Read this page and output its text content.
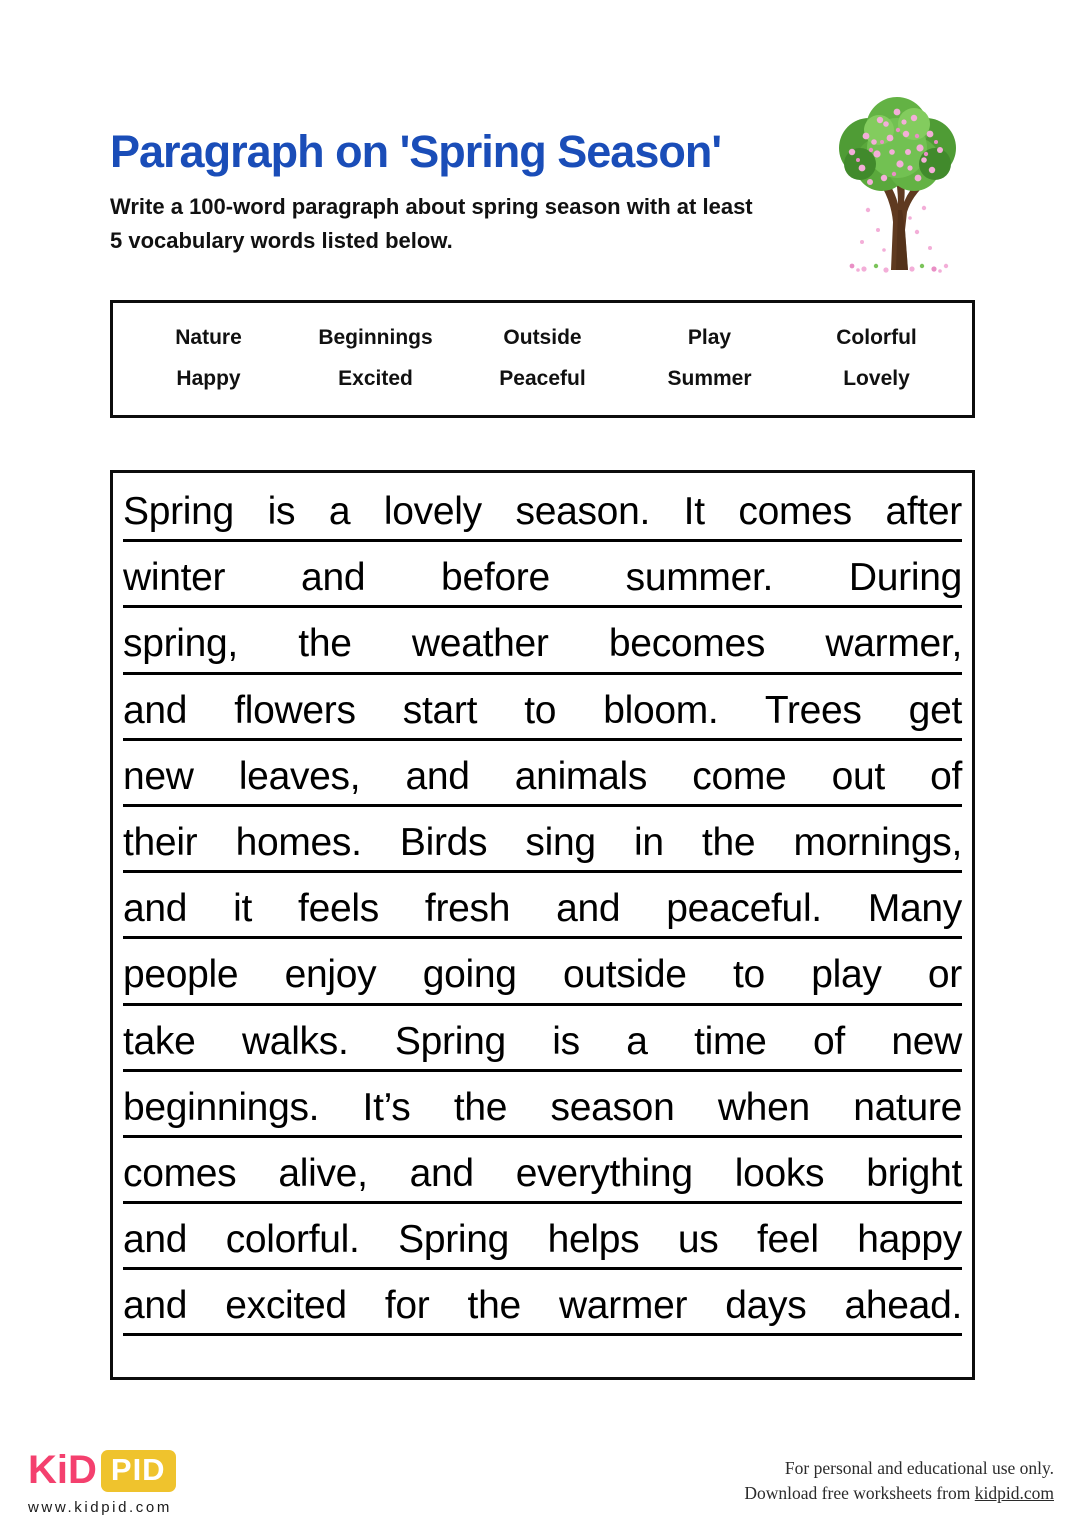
Paragraph on 'Spring Season'
Write a 100-word paragraph about spring season with at least
5 vocabulary words listed below.
Nature	Beginnings	Outside	Play	Colorful
Happy	Excited	Peaceful	Summer	Lovely
Spring is a lovely season. It comes after
winter and before summer. During
spring, the weather becomes warmer,
and flowers start to bloom. Trees get
new leaves, and animals come out of
their homes. Birds sing in the mornings,
and it feels fresh and peaceful. Many
people enjoy going outside to play or
take walks. Spring is a time of new
beginnings. It’s the season when nature
comes alive, and everything looks bright
and colorful. Spring helps us feel happy
and excited for the warmer days ahead.
KiD PID
www.kidpid.com
For personal and educational use only.
Download free worksheets from kidpid.com
